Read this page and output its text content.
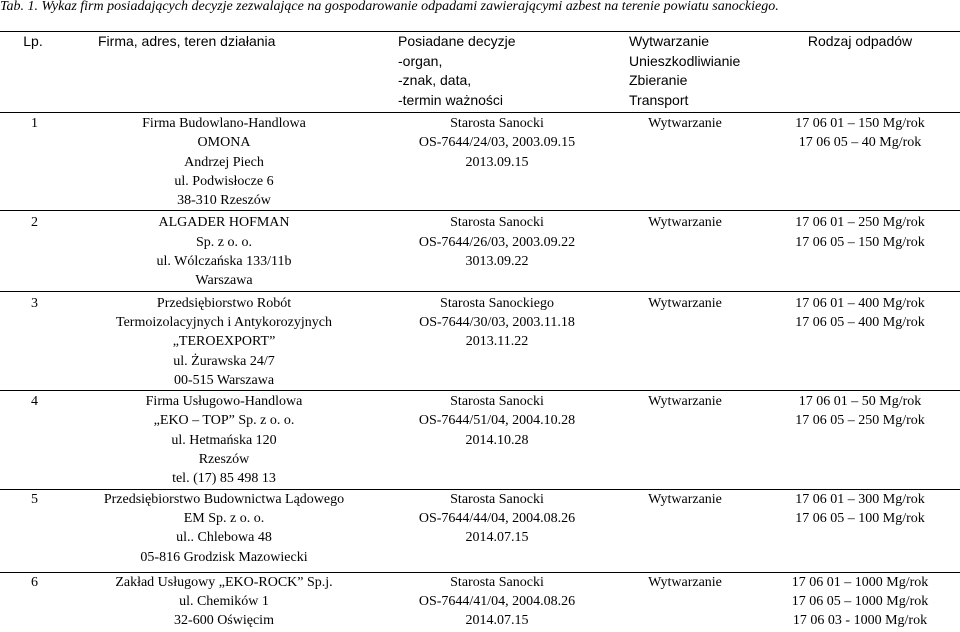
Tab. 1. Wykaz firm posiadających decyzje zezwalające na gospodarowanie odpadami zawierającymi azbest na terenie powiatu sanockiego.
Lp.	Firma, adres, teren działania	Posiadane decyzje
-organ,
-znak, data,
-termin ważności	Wytwarzanie
Unieszkodliwianie
Zbieranie
Transport	Rodzaj odpadów

1	Firma Budowlano-Handlowa
OMONA
Andrzej Piech
ul. Podwisłocze 6
38-310 Rzeszów	Starosta Sanocki
OS-7644/24/03, 2003.09.15
2013.09.15	Wytwarzanie	17 06 01 – 150 Mg/rok
17 06 05 – 40 Mg/rok

2	ALGADER HOFMAN
Sp. z o. o.
ul. Wólczańska 133/11b
Warszawa	Starosta Sanocki
OS-7644/26/03, 2003.09.22
3013.09.22	Wytwarzanie	17 06 01 – 250 Mg/rok
17 06 05 – 150 Mg/rok

3	Przedsiębiorstwo Robót
Termoizolacyjnych i Antykorozyjnych
„TEROEXPORT”
ul. Żurawska 24/7
00-515 Warszawa	Starosta Sanockiego
OS-7644/30/03, 2003.11.18
2013.11.22	Wytwarzanie	17 06 01 – 400 Mg/rok
17 06 05 – 400 Mg/rok

4	Firma Usługowo-Handlowa
„EKO – TOP” Sp. z o. o.
ul. Hetmańska 120
Rzeszów
tel. (17) 85 498 13	Starosta Sanocki
OS-7644/51/04, 2004.10.28
2014.10.28	Wytwarzanie	17 06 01 – 50 Mg/rok
17 06 05 – 250 Mg/rok

5	Przedsiębiorstwo Budownictwa Lądowego
EM Sp. z o. o.
ul.. Chlebowa 48
05-816 Grodzisk Mazowiecki	Starosta Sanocki
OS-7644/44/04, 2004.08.26
2014.07.15	Wytwarzanie	17 06 01 – 300 Mg/rok
17 06 05 – 100 Mg/rok

6	Zakład Usługowy „EKO-ROCK” Sp.j.
ul. Chemików 1
32-600 Oświęcim	Starosta Sanocki
OS-7644/41/04, 2004.08.26
2014.07.15	Wytwarzanie	17 06 01 – 1000 Mg/rok
17 06 05 – 1000 Mg/rok
17 06 03 - 1000 Mg/rok
